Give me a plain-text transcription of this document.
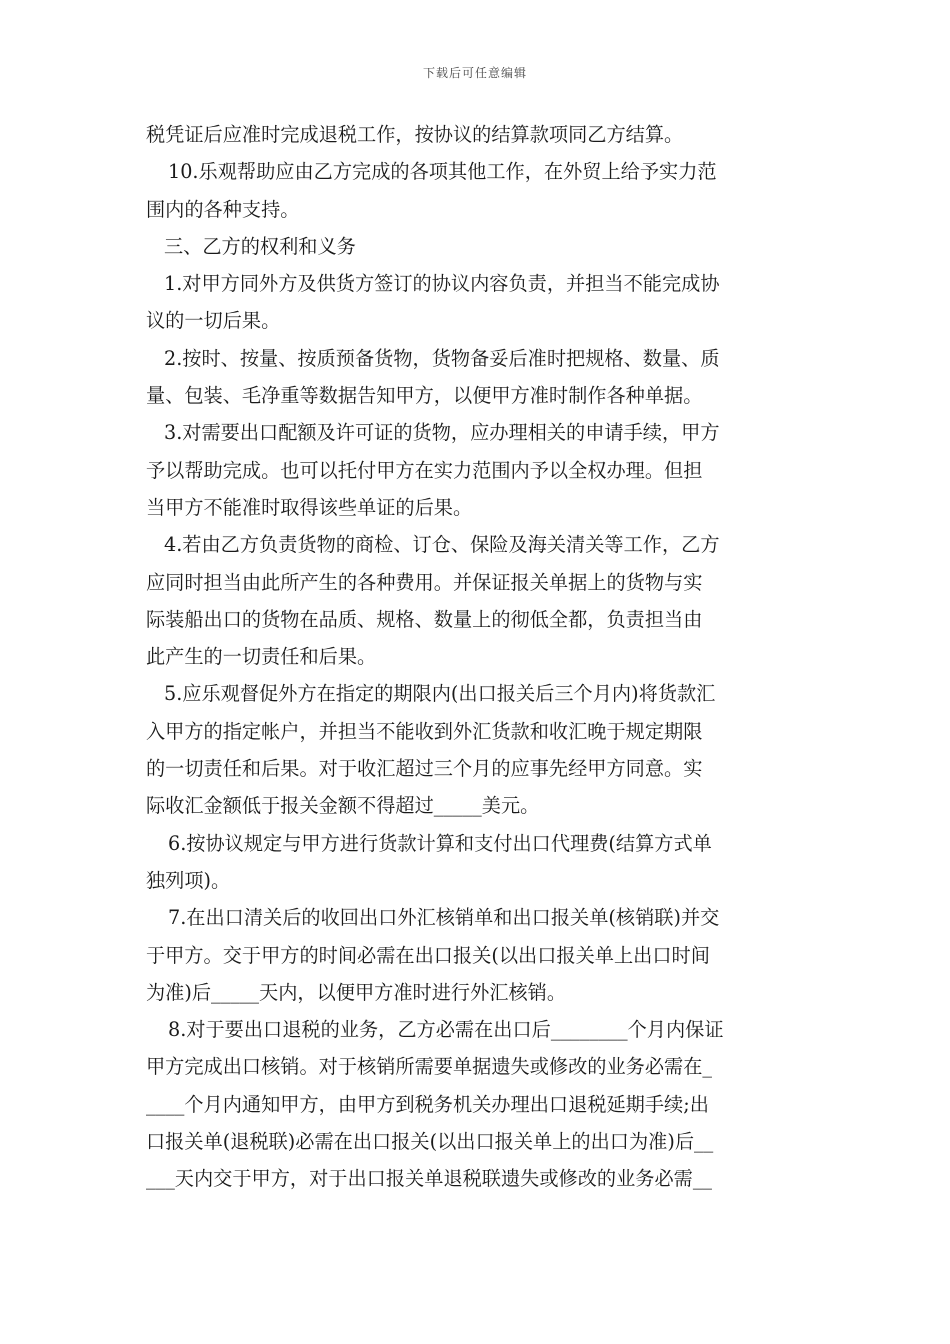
下载后可任意编辑
税凭证后应准时完成退税工作，按协议的结算款项同乙方结算。
10.乐观帮助应由乙方完成的各项其他工作，在外贸上给予实力范
围内的各种支持。
三、乙方的权利和义务
1.对甲方同外方及供货方签订的协议内容负责，并担当不能完成协
议的一切后果。
2.按时、按量、按质预备货物，货物备妥后准时把规格、数量、质
量、包装、毛净重等数据告知甲方，以便甲方准时制作各种单据。
3.对需要出口配额及许可证的货物，应办理相关的申请手续，甲方
予以帮助完成。也可以托付甲方在实力范围内予以全权办理。但担
当甲方不能准时取得该些单证的后果。
4.若由乙方负责货物的商检、订仓、保险及海关清关等工作，乙方
应同时担当由此所产生的各种费用。并保证报关单据上的货物与实
际装船出口的货物在品质、规格、数量上的彻低全都，负责担当由
此产生的一切责任和后果。
5.应乐观督促外方在指定的期限内(出口报关后三个月内)将货款汇
入甲方的指定帐户，并担当不能收到外汇货款和收汇晚于规定期限
的一切责任和后果。对于收汇超过三个月的应事先经甲方同意。实
际收汇金额低于报关金额不得超过_____美元。
6.按协议规定与甲方进行货款计算和支付出口代理费(结算方式单
独列项)。
7.在出口清关后的收回出口外汇核销单和出口报关单(核销联)并交
于甲方。交于甲方的时间必需在出口报关(以出口报关单上出口时间
为准)后_____天内，以便甲方准时进行外汇核销。
8.对于要出口退税的业务，乙方必需在出口后________个月内保证
甲方完成出口核销。对于核销所需要单据遗失或修改的业务必需在_
____个月内通知甲方，由甲方到税务机关办理出口退税延期手续;出
口报关单(退税联)必需在出口报关(以出口报关单上的出口为准)后__
___天内交于甲方，对于出口报关单退税联遗失或修改的业务必需__
